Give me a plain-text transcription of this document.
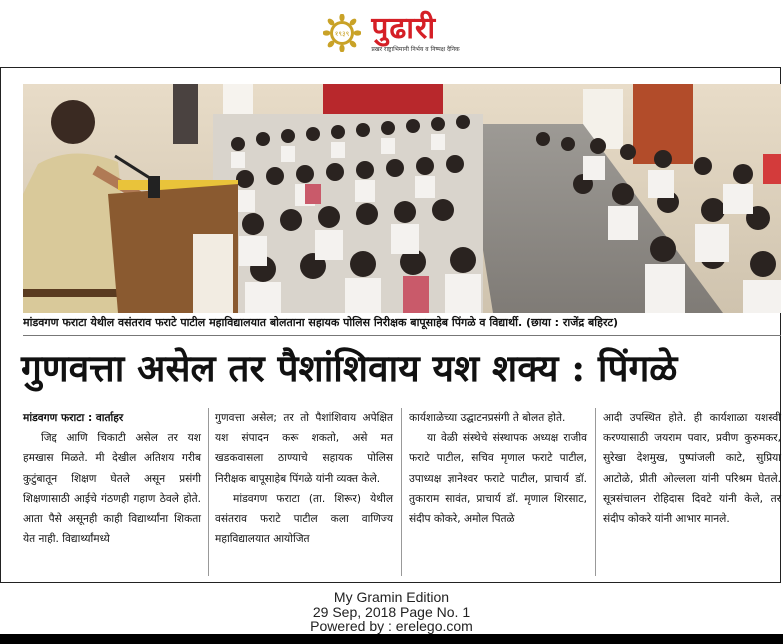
१९३९ पुढारी
प्रखर राष्ट्राभिमानी निर्भय व निष्पक्ष दैनिक
मांडवगण फराटा येथील वसंतराव फराटे पाटील महाविद्यालयात बोलताना सहायक पोलिस निरीक्षक बापूसाहेब पिंगळे व विद्यार्थी. (छाया : राजेंद्र बहिरट)
गुणवत्ता असेल तर पैशांशिवाय यश शक्य : पिंगळे

मांडवगण फराटा : वार्ताहर

जिद्द आणि चिकाटी असेल तर यश हमखास मिळते. मी देखील अतिशय गरीब कुटुंबातून शिक्षण घेतले असून प्रसंगी शिक्षणासाठी आईचे गंठणही गहाण ठेवले होते. आता पैसे असूनही काही विद्यार्थ्यांना शिकता येत नाही. विद्यार्थ्यांमध्ये

गुणवत्ता असेल; तर तो पैशांशिवाय अपेक्षित यश संपादन करू शकतो, असे मत खडकवासला ठाण्याचे सहायक पोलिस निरीक्षक बापूसाहेब पिंगळे यांनी व्यक्त केले.

मांडवगण फराटा (ता. शिरूर) येथील वसंतराव फराटे पाटील कला वाणिज्य महाविद्यालयात आयोजित

कार्यशाळेच्या उद्घाटनप्रसंगी ते बोलत होते.

या वेळी संस्थेचे संस्थापक अध्यक्ष राजीव फराटे पाटील, सचिव मृणाल फराटे पाटील, उपाध्यक्ष ज्ञानेश्वर फराटे पाटील, प्राचार्य डॉ. तुकाराम सावंत, प्राचार्य डॉ. मृणाल शिरसाट, संदीप कोकरे, अमोल पितळे

आदी उपस्थित होते. ही कार्यशाळा यशस्वी करण्यासाठी जयराम पवार, प्रवीण कुरुमकर, सुरेखा देशमुख, पुष्पांजली काटे, सुप्रिया आटोळे, प्रीती ओल्लला यांनी परिश्रम घेतले. सूत्रसंचालन रोहिदास दिवटे यांनी केले, तर संदीप कोकरे यांनी आभार मानले.

My Gramin Edition
29 Sep, 2018 Page No. 1
Powered by : erelego.com
